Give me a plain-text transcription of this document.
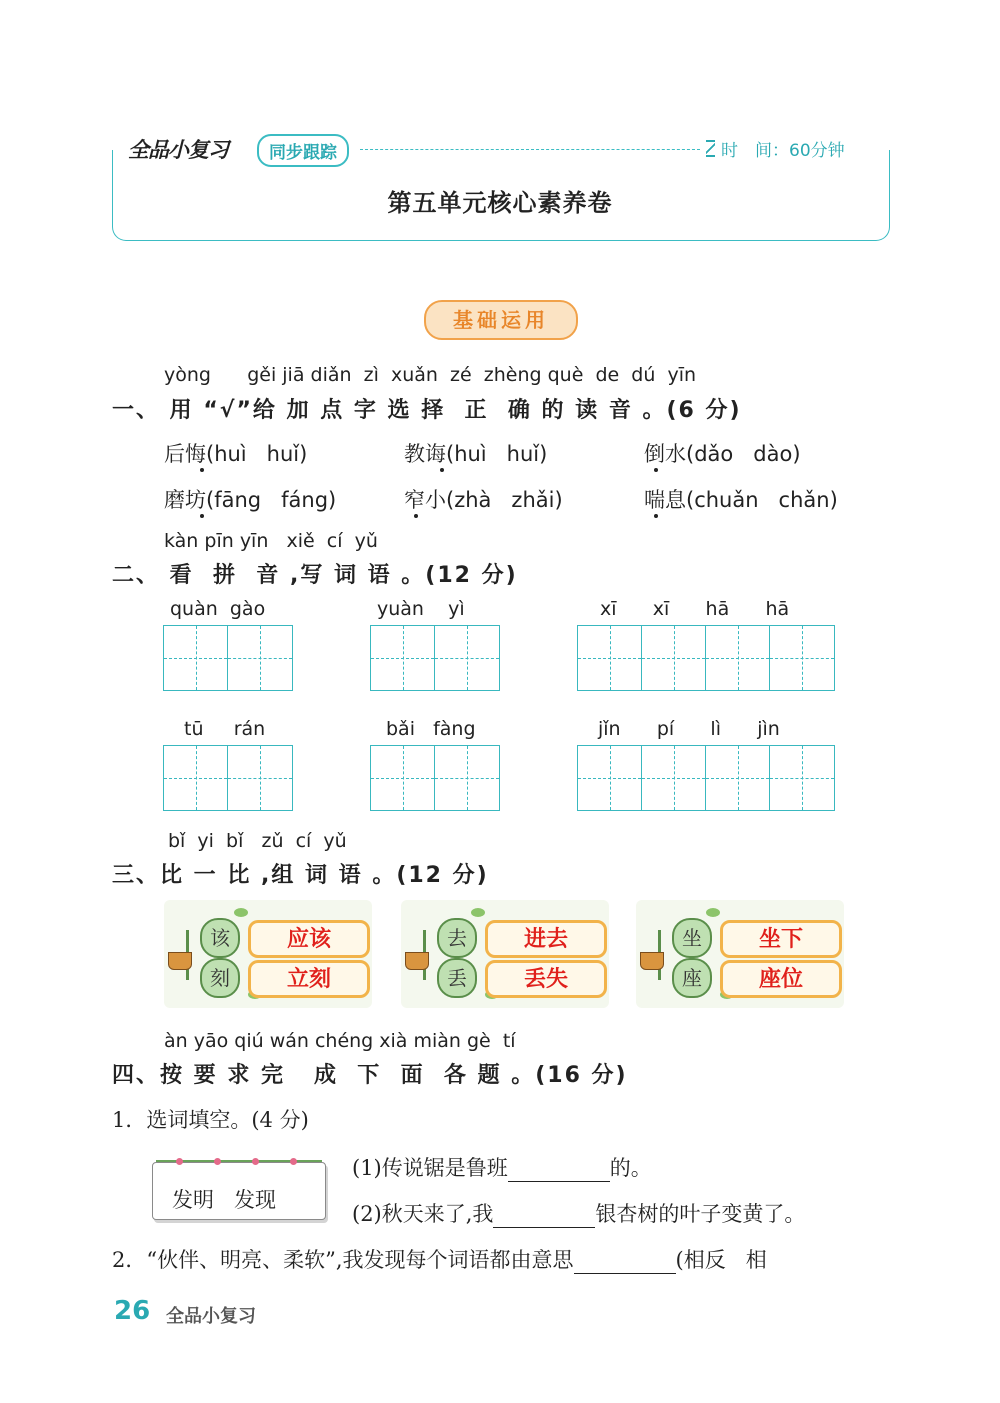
全品小复习	同步跟踪	时　间：60分钟
第五单元核心素养卷
基础运用
yòng      gěi jiā diǎn  zì  xuǎn  zé  zhèng què  de  dú  yīn
一、 用 “√”给 加 点 字 选 择  正  确 的 读 音 。(6 分)
后悔(huì   huǐ)	教诲(huì   huǐ)	倒水(dǎo   dào)
磨坊(fāng   fáng)	窄小(zhà   zhǎi)	喘息(chuǎn   chǎn)
kàn pīn yīn   xiě  cí  yǔ
二、 看  拼  音 ,写 词 语 。(12 分)
quàn  gào	yuàn    yì	xī      xī      hā      hā
tū     rán	bǎi   fàng	jǐn      pí      lì      jìn
bǐ  yi  bǐ   zǔ  cí  yǔ
三、比 一 比 ,组 词 语 。(12 分)
该	应该
刻	立刻
去	进去
丢	丢失
坐	坐下
座	座位
àn yāo qiú wán chéng xià miàn gè  tí
四、按 要 求 完   成  下  面  各 题 。(16 分)
1．选词填空。(4 分)
发明   发现
(1)传说锯是鲁班	的。
(2)秋天来了,我	银杏树的叶子变黄了。
2．“伙伴、明亮、柔软”,我发现每个词语都由意思	(相反   相
26 全品小复习
